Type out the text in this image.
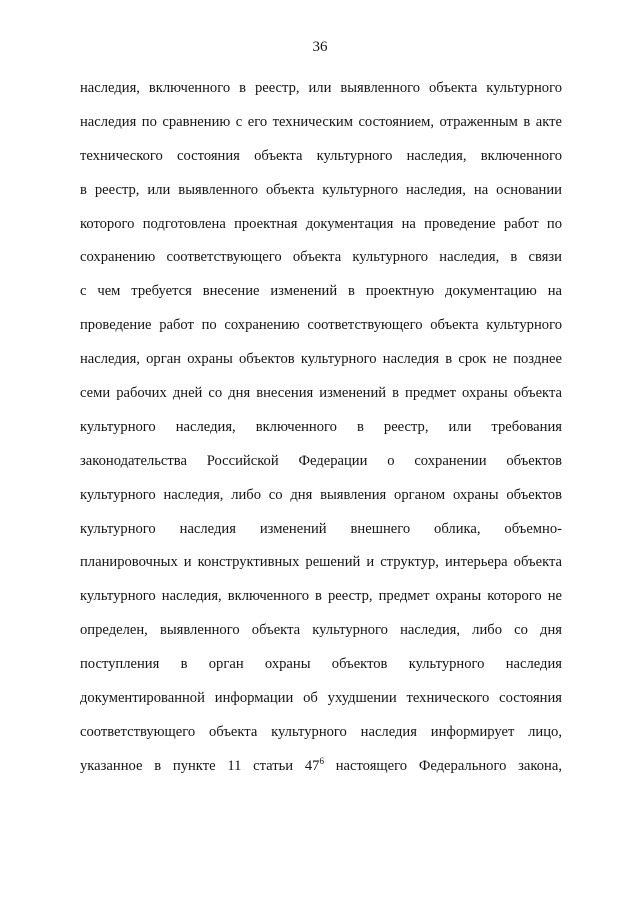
36
наследия, включенного в реестр, или выявленного объекта культурного
наследия по сравнению с его техническим состоянием, отраженным в акте
технического состояния объекта культурного наследия, включенного
в реестр, или выявленного объекта культурного наследия, на основании
которого подготовлена проектная документация на проведение работ по
сохранению соответствующего объекта культурного наследия, в связи
с чем требуется внесение изменений в проектную документацию на
проведение работ по сохранению соответствующего объекта культурного
наследия, орган охраны объектов культурного наследия в срок не позднее
семи рабочих дней со дня внесения изменений в предмет охраны объекта
культурного наследия, включенного в реестр, или требования
законодательства Российской Федерации о сохранении объектов
культурного наследия, либо со дня выявления органом охраны объектов
культурного наследия изменений внешнего облика, объемно-
планировочных и конструктивных решений и структур, интерьера объекта
культурного наследия, включенного в реестр, предмет охраны которого не
определен, выявленного объекта культурного наследия, либо со дня
поступления в орган охраны объектов культурного наследия
документированной информации об ухудшении технического состояния
соответствующего объекта культурного наследия информирует лицо,
указанное в пункте 11 статьи $47^6$ настоящего Федерального закона,
